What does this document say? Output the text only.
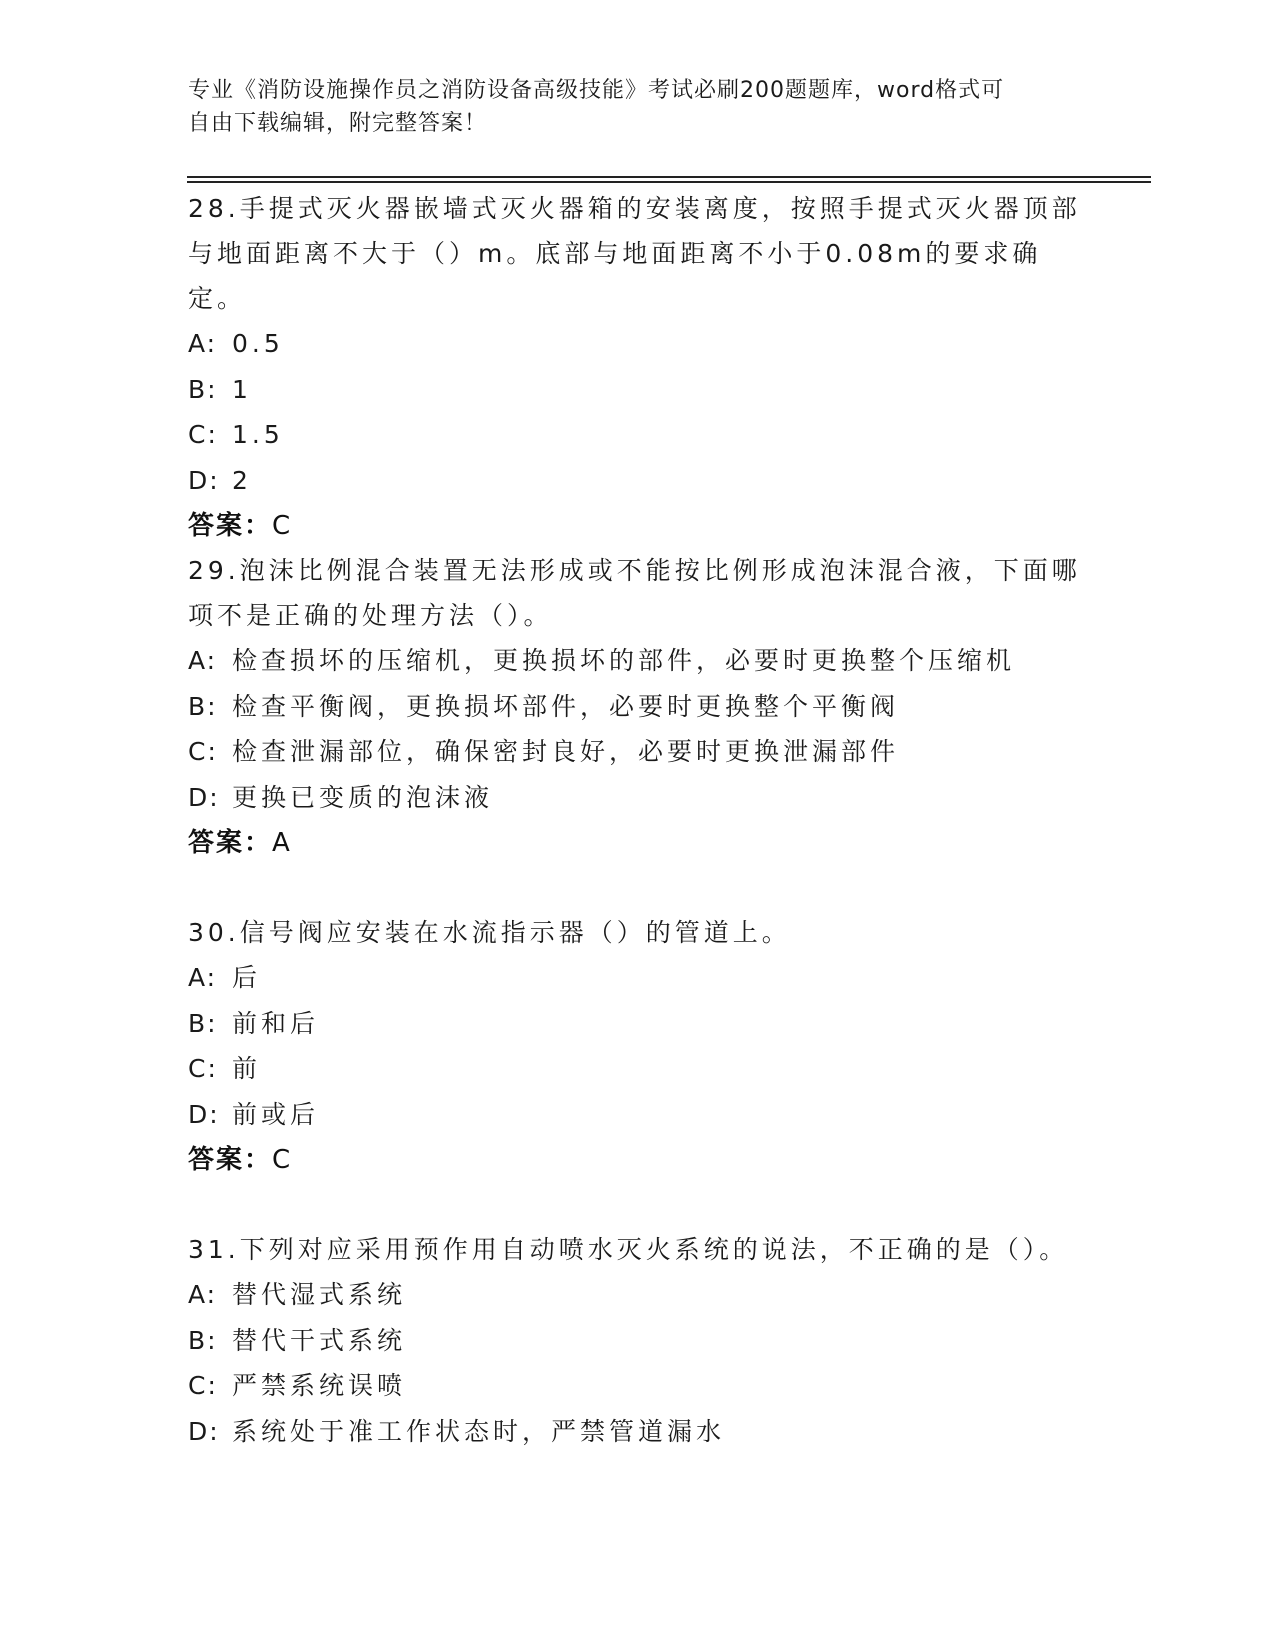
专业《消防设施操作员之消防设备高级技能》考试必刷200题题库，word格式可
自由下载编辑，附完整答案！

28.手提式灭火器嵌墙式灭火器箱的安装离度，按照手提式灭火器顶部

与地面距离不大于（）m。底部与地面距离不小于0.08m的要求确定。

A: 0.5

B: 1

C: 1.5

D: 2

答案：C

29.泡沫比例混合装置无法形成或不能按比例形成泡沫混合液，下面哪

项不是正确的处理方法（）。

A: 检查损坏的压缩机，更换损坏的部件，必要时更换整个压缩机

B: 检查平衡阀，更换损坏部件，必要时更换整个平衡阀

C: 检查泄漏部位，确保密封良好，必要时更换泄漏部件

D: 更换已变质的泡沫液

答案：A

30.信号阀应安装在水流指示器（）的管道上。

A: 后

B: 前和后

C: 前

D: 前或后

答案：C

31.下列对应采用预作用自动喷水灭火系统的说法，不正确的是（）。

A: 替代湿式系统

B: 替代干式系统

C: 严禁系统误喷

D: 系统处于准工作状态时，严禁管道漏水
